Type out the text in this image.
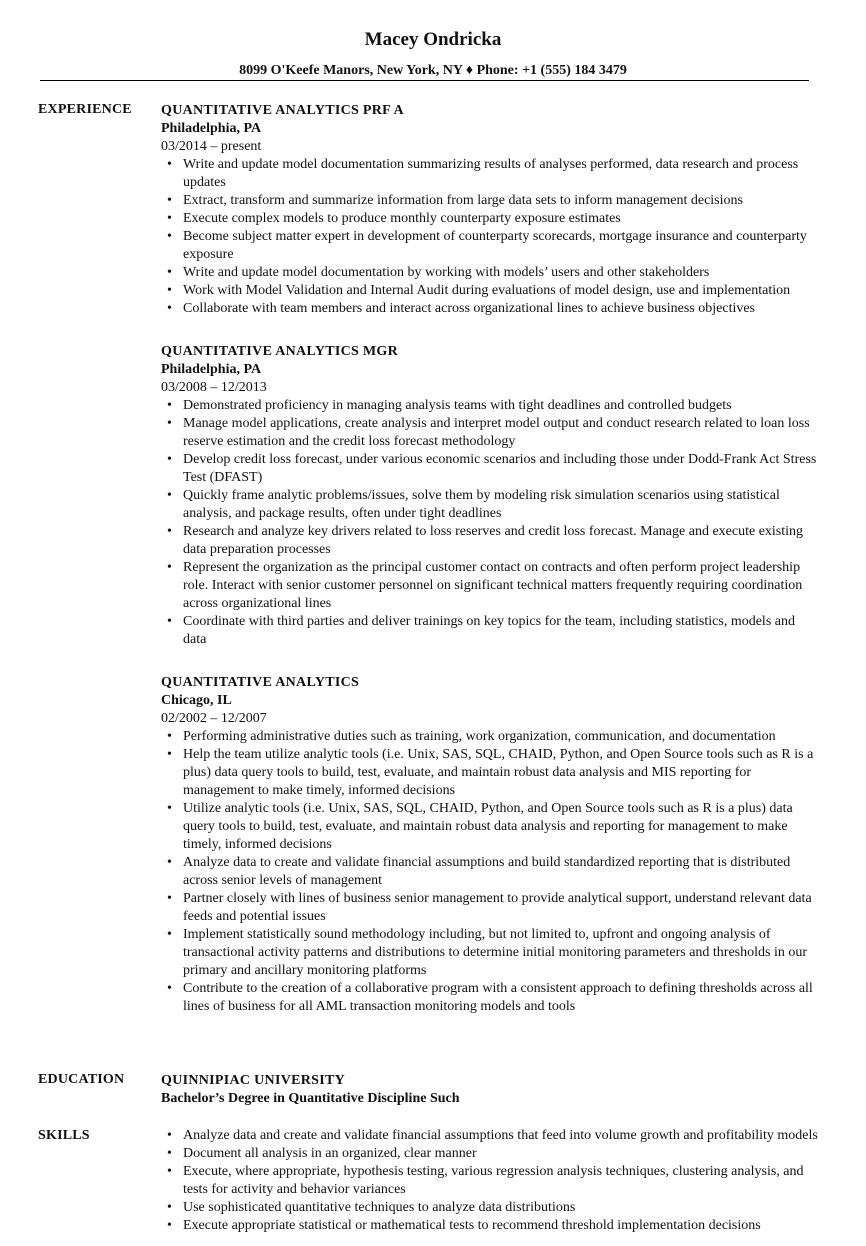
Macey Ondricka
8099 O'Keefe Manors, New York, NY ♦ Phone: +1 (555) 184 3479
EXPERIENCE QUANTITATIVE ANALYTICS PRF A
Philadelphia, PA
03/2014 – present
• Write and update model documentation summarizing results of analyses performed, data research and process updates
• Extract, transform and summarize information from large data sets to inform management decisions
• Execute complex models to produce monthly counterparty exposure estimates
• Become subject matter expert in development of counterparty scorecards, mortgage insurance and counterparty exposure
• Write and update model documentation by working with models’ users and other stakeholders
• Work with Model Validation and Internal Audit during evaluations of model design, use and implementation
• Collaborate with team members and interact across organizational lines to achieve business objectives
QUANTITATIVE ANALYTICS MGR
Philadelphia, PA
03/2008 – 12/2013
• Demonstrated proficiency in managing analysis teams with tight deadlines and controlled budgets
• Manage model applications, create analysis and interpret model output and conduct research related to loan loss reserve estimation and the credit loss forecast methodology
• Develop credit loss forecast, under various economic scenarios and including those under Dodd-Frank Act Stress Test (DFAST)
• Quickly frame analytic problems/issues, solve them by modeling risk simulation scenarios using statistical analysis, and package results, often under tight deadlines
• Research and analyze key drivers related to loss reserves and credit loss forecast. Manage and execute existing data preparation processes
• Represent the organization as the principal customer contact on contracts and often perform project leadership role. Interact with senior customer personnel on significant technical matters frequently requiring coordination across organizational lines
• Coordinate with third parties and deliver trainings on key topics for the team, including statistics, models and data
QUANTITATIVE ANALYTICS
Chicago, IL
02/2002 – 12/2007
• Performing administrative duties such as training, work organization, communication, and documentation
• Help the team utilize analytic tools (i.e. Unix, SAS, SQL, CHAID, Python, and Open Source tools such as R is a plus) data query tools to build, test, evaluate, and maintain robust data analysis and MIS reporting for management to make timely, informed decisions
• Utilize analytic tools (i.e. Unix, SAS, SQL, CHAID, Python, and Open Source tools such as R is a plus) data query tools to build, test, evaluate, and maintain robust data analysis and reporting for management to make timely, informed decisions
• Analyze data to create and validate financial assumptions and build standardized reporting that is distributed across senior levels of management
• Partner closely with lines of business senior management to provide analytical support, understand relevant data feeds and potential issues
• Implement statistically sound methodology including, but not limited to, upfront and ongoing analysis of transactional activity patterns and distributions to determine initial monitoring parameters and thresholds in our primary and ancillary monitoring platforms
• Contribute to the creation of a collaborative program with a consistent approach to defining thresholds across all lines of business for all AML transaction monitoring models and tools
EDUCATION	QUINNIPIAC UNIVERSITY
Bachelor’s Degree in Quantitative Discipline Such
SKILLS
•	Analyze data and create and validate financial assumptions that feed into volume growth and profitability models
• Document all analysis in an organized, clear manner
• Execute, where appropriate, hypothesis testing, various regression analysis techniques, clustering analysis, and tests for activity and behavior variances
• Use sophisticated quantitative techniques to analyze data distributions
• Execute appropriate statistical or mathematical tests to recommend threshold implementation decisions
